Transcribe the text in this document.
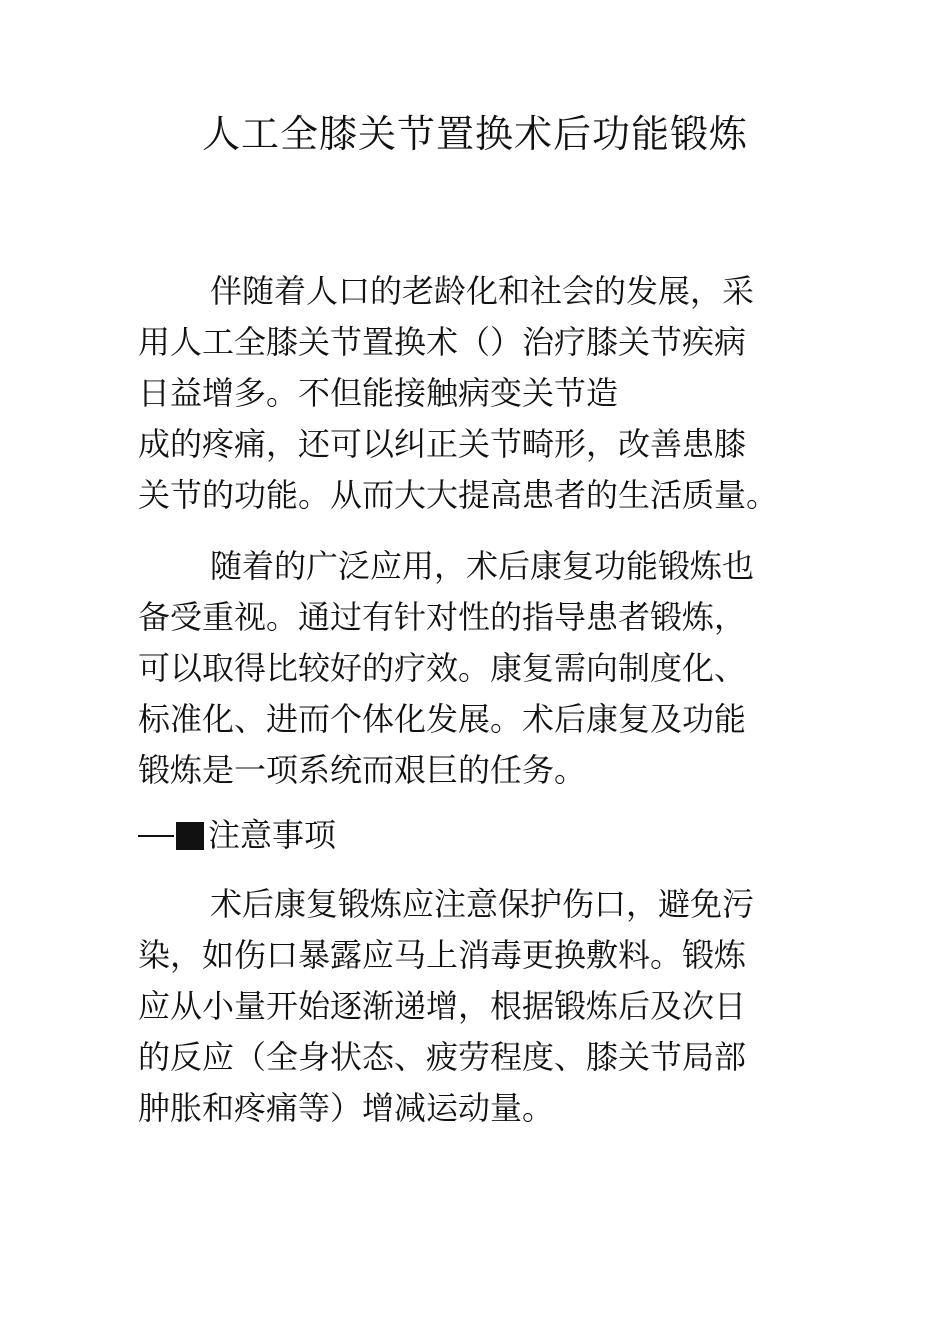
人工全膝关节置换术后功能锻炼
伴随着人口的老龄化和社会的发展，采
用人工全膝关节置换术（）治疗膝关节疾病
日益增多。不但能接触病变关节造
成的疼痛，还可以纠正关节畸形，改善患膝
关节的功能。从而大大提高患者的生活质量。
随着的广泛应用，术后康复功能锻炼也
备受重视。通过有针对性的指导患者锻炼，
可以取得比较好的疗效。康复需向制度化、
标准化、进而个体化发展。术后康复及功能
锻炼是一项系统而艰巨的任务。
注意事项
术后康复锻炼应注意保护伤口，避免污
染，如伤口暴露应马上消毒更换敷料。锻炼
应从小量开始逐渐递增，根据锻炼后及次日
的反应（全身状态、疲劳程度、膝关节局部
肿胀和疼痛等）增减运动量。
